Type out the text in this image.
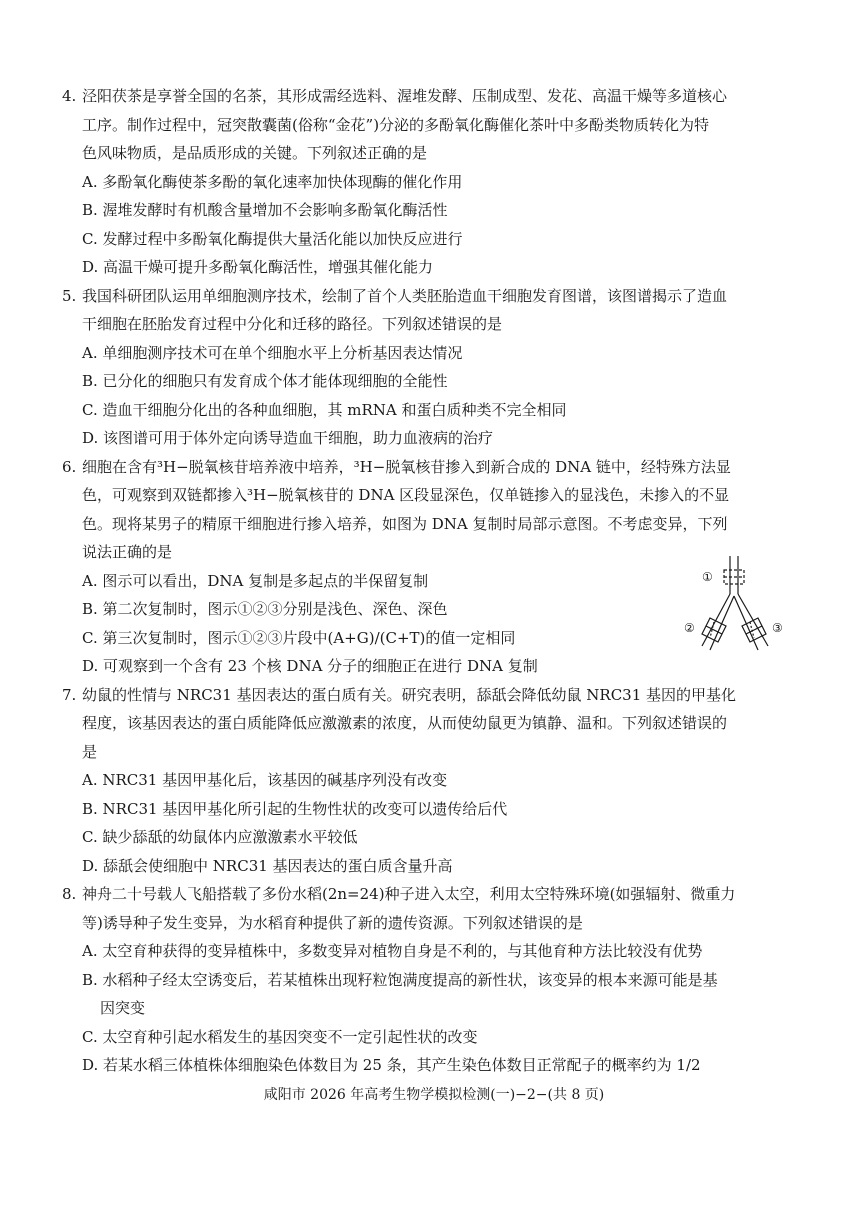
4. 泾阳茯茶是享誉全国的名茶，其形成需经选料、渥堆发酵、压制成型、发花、高温干燥等多道核心
工序。制作过程中，冠突散囊菌(俗称“金花”)分泌的多酚氧化酶催化茶叶中多酚类物质转化为特
色风味物质，是品质形成的关键。下列叙述正确的是
A. 多酚氧化酶使茶多酚的氧化速率加快体现酶的催化作用
B. 渥堆发酵时有机酸含量增加不会影响多酚氧化酶活性
C. 发酵过程中多酚氧化酶提供大量活化能以加快反应进行
D. 高温干燥可提升多酚氧化酶活性，增强其催化能力
5. 我国科研团队运用单细胞测序技术，绘制了首个人类胚胎造血干细胞发育图谱，该图谱揭示了造血
干细胞在胚胎发育过程中分化和迁移的路径。下列叙述错误的是
A. 单细胞测序技术可在单个细胞水平上分析基因表达情况
B. 已分化的细胞只有发育成个体才能体现细胞的全能性
C. 造血干细胞分化出的各种血细胞，其 mRNA 和蛋白质种类不完全相同
D. 该图谱可用于体外定向诱导造血干细胞，助力血液病的治疗
6. 细胞在含有³H−脱氧核苷培养液中培养，³H−脱氧核苷掺入到新合成的 DNA 链中，经特殊方法显
色，可观察到双链都掺入³H−脱氧核苷的 DNA 区段显深色，仅单链掺入的显浅色，未掺入的不显
色。现将某男子的精原干细胞进行掺入培养，如图为 DNA 复制时局部示意图。不考虑变异，下列
说法正确的是
A. 图示可以看出，DNA 复制是多起点的半保留复制
B. 第二次复制时，图示①②③分别是浅色、深色、深色
C. 第三次复制时，图示①②③片段中(A+G)/(C+T)的值一定相同
D. 可观察到一个含有 23 个核 DNA 分子的细胞正在进行 DNA 复制
7. 幼鼠的性情与 NRC31 基因表达的蛋白质有关。研究表明，舔舐会降低幼鼠 NRC31 基因的甲基化
程度，该基因表达的蛋白质能降低应激激素的浓度，从而使幼鼠更为镇静、温和。下列叙述错误的
是
A. NRC31 基因甲基化后，该基因的碱基序列没有改变
B. NRC31 基因甲基化所引起的生物性状的改变可以遗传给后代
C. 缺少舔舐的幼鼠体内应激激素水平较低
D. 舔舐会使细胞中 NRC31 基因表达的蛋白质含量升高
8. 神舟二十号载人飞船搭载了多份水稻(2n=24)种子进入太空，利用太空特殊环境(如强辐射、微重力
等)诱导种子发生变异，为水稻育种提供了新的遗传资源。下列叙述错误的是
A. 太空育种获得的变异植株中，多数变异对植物自身是不利的，与其他育种方法比较没有优势
B. 水稻种子经太空诱变后，若某植株出现籽粒饱满度提高的新性状，该变异的根本来源可能是基
因突变
C. 太空育种引起水稻发生的基因突变不一定引起性状的改变
D. 若某水稻三体植株体细胞染色体数目为 25 条，其产生染色体数目正常配子的概率约为 1/2
①
②	③
咸阳市 2026 年高考生物学模拟检测(一)−2−(共 8 页)
